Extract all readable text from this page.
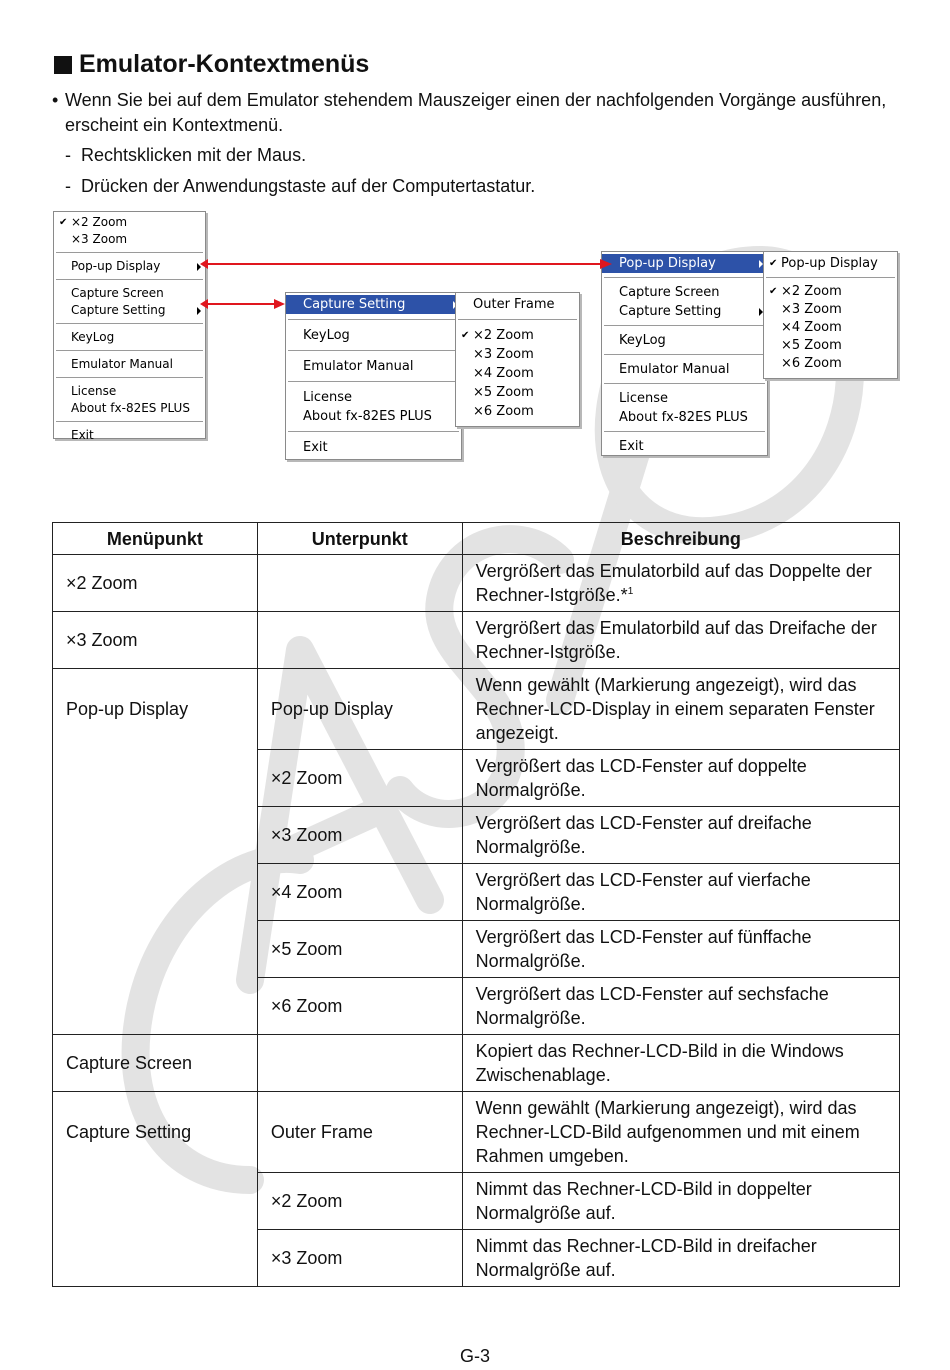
Emulator-Kontextmenüs
• Wenn Sie bei auf dem Emulator stehendem Mauszeiger einen der nachfolgenden Vorgänge ausführen, erscheint ein Kontextmenü.
-  Rechtsklicken mit der Maus.
-  Drücken der Anwendungstaste auf der Computertastatur.
✔ ×2 Zoom
×3 Zoom
Pop-up Display
Capture Screen
Capture Setting
KeyLog
Emulator Manual
License
About fx-82ES PLUS
Exit
Capture Setting
KeyLog
Emulator Manual
License
About fx-82ES PLUS
Exit
Outer Frame
✔ ×2 Zoom
×3 Zoom
×4 Zoom
×5 Zoom
×6 Zoom
Pop-up Display
Capture Screen
Capture Setting
KeyLog
Emulator Manual
License
About fx-82ES PLUS
Exit
✔ Pop-up Display
✔ ×2 Zoom
×3 Zoom
×4 Zoom
×5 Zoom
×6 Zoom
Menüpunkt	Unterpunkt	Beschreibung
×2 Zoom		Vergrößert das Emulatorbild auf das Doppelte der Rechner-Istgröße.*$^1$
×3 Zoom		Vergrößert das Emulatorbild auf das Dreifache der Rechner-Istgröße.
Pop-up Display	Pop-up Display	Wenn gewählt (Markierung angezeigt), wird das Rechner-LCD-Display in einem separaten Fenster angezeigt.
	×2 Zoom	Vergrößert das LCD-Fenster auf doppelte Normalgröße.
	×3 Zoom	Vergrößert das LCD-Fenster auf dreifache Normalgröße.
	×4 Zoom	Vergrößert das LCD-Fenster auf vierfache Normalgröße.
	×5 Zoom	Vergrößert das LCD-Fenster auf fünffache Normalgröße.
	×6 Zoom	Vergrößert das LCD-Fenster auf sechsfache Normalgröße.
Capture Screen		Kopiert das Rechner-LCD-Bild in die Windows Zwischenablage.
Capture Setting	Outer Frame	Wenn gewählt (Markierung angezeigt), wird das Rechner-LCD-Bild aufgenommen und mit einem Rahmen umgeben.
	×2 Zoom	Nimmt das Rechner-LCD-Bild in doppelter Normalgröße auf.
	×3 Zoom	Nimmt das Rechner-LCD-Bild in dreifacher Normalgröße auf.
G-3
